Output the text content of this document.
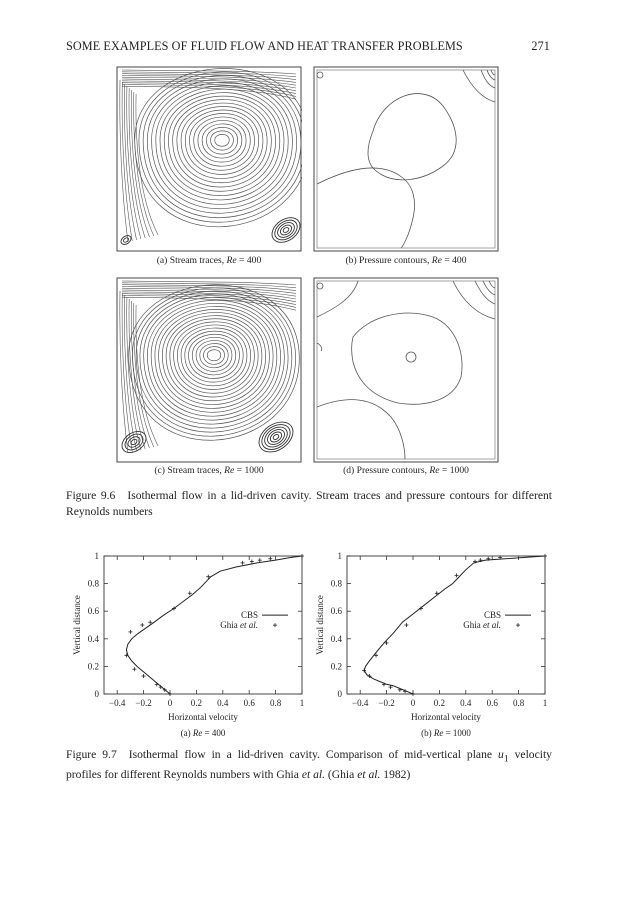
SOME EXAMPLES OF FLUID FLOW AND HEAT TRANSFER PROBLEMS	271
(a) Stream traces, Re = 400	(b) Pressure contours, Re = 400
(c) Stream traces, Re = 1000	(d) Pressure contours, Re = 1000
Figure 9.6 Isothermal flow in a lid-driven cavity. Stream traces and pressure contours for different Reynolds numbers
−0.4 −0.2 0 0.2 0.4 0.6 0.8 1
0
0.2
0.4
0.6
0.8
1
Horizontal velocity
Vertical distance
(a) Re = 400
CBS
Ghia et al.
−0.4 −0.2 0 0.2 0.4 0.6 0.8 1
0
0.2
0.4
0.6
0.8
1
Horizontal velocity
Vertical distance
(b) Re = 1000
CBS
Ghia et al.
Figure 9.7 Isothermal flow in a lid-driven cavity. Comparison of mid-vertical plane $u_1$ velocity profiles for different Reynolds numbers with Ghia et al. (Ghia et al. 1982)
